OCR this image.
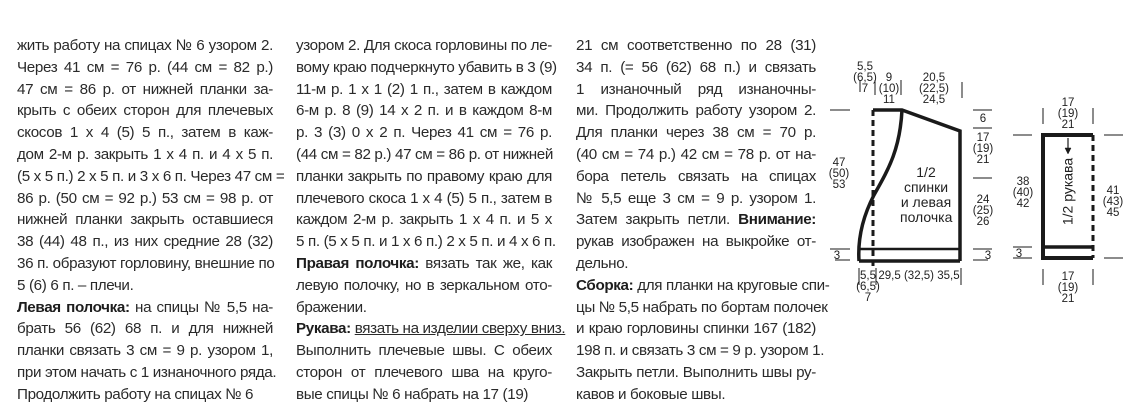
жить работу на спицах № 6 узором 2.
Через 41 см = 76 р. (44 см = 82 р.)
47 см = 86 р. от нижней планки за-
крыть с обеих сторон для плечевых
скосов 1 х 4 (5) 5 п., затем в каж-
дом 2-м р. закрыть 1 х 4 п. и 4 х 5 п.
(5 х 5 п.) 2 х 5 п. и 3 х 6 п. Через 47 см =
86 р. (50 см = 92 р.) 53 см = 98 р. от
нижней планки закрыть оставшиеся
38 (44) 48 п., из них средние 28 (32)
36 п. образуют горловину, внешние по
5 (6) 6 п. – плечи.
Левая полочка: на спицы № 5,5 на-
брать 56 (62) 68 п. и для нижней
планки связать 3 см = 9 р. узором 1,
при этом начать с 1 изнаночного ряда.
Продолжить работу на спицах № 6
узором 2. Для скоса горловины по ле-
вому краю подчеркнуто убавить в 3 (9)
11-м р. 1 х 1 (2) 1 п., затем в каждом
6-м р. 8 (9) 14 х 2 п. и в каждом 8-м
р. 3 (3) 0 х 2 п. Через 41 см = 76 р.
(44 см = 82 р.) 47 см = 86 р. от нижней
планки закрыть по правому краю для
плечевого скоса 1 х 4 (5) 5 п., затем в
каждом 2-м р. закрыть 1 х 4 п. и 5 х
5 п. (5 х 5 п. и 1 х 6 п.) 2 х 5 п. и 4 х 6 п.
Правая полочка: вязать так же, как
левую полочку, но в зеркальном ото-
бражении.
Рукава: вязать на изделии сверху вниз.
Выполнить плечевые швы. С обеих
сторон от плечевого шва на круго-
вые спицы № 6 набрать на 17 (19)
21 см соответственно по 28 (31)
34 п. (= 56 (62) 68 п.) и связать
1 изнаночный ряд изнаночны-
ми. Продолжить работу узором 2.
Для планки через 38 см = 70 р.
(40 см = 74 р.) 42 см = 78 р. от на-
бора петель связать на спицах
№ 5,5 еще 3 см = 9 р. узором 1.
Затем закрыть петли. Внимание:
рукав изображен на выкройке от-
дельно.
Сборка: для планки на круговые спи-
цы № 5,5 набрать по бортам полочек
и краю горловины спинки 167 (182)
198 п. и связать 3 см = 9 р. узором 1.
Закрыть петли. Выполнить швы ру-
кавов и боковые швы.
5,5
(6,5)
7
9
(10)
11
20,5
(22,5)
24,5
47
(50)
53
6
17
(19)
21
24
(25)
26
3	3
5,5
(6,5)
7
29,5 (32,5) 35,5
1/2
спинки
и левая
полочка
17
(19)
21
38
(40)
42
41
(43)
45
3
17
(19)
21
1/2 рукава
